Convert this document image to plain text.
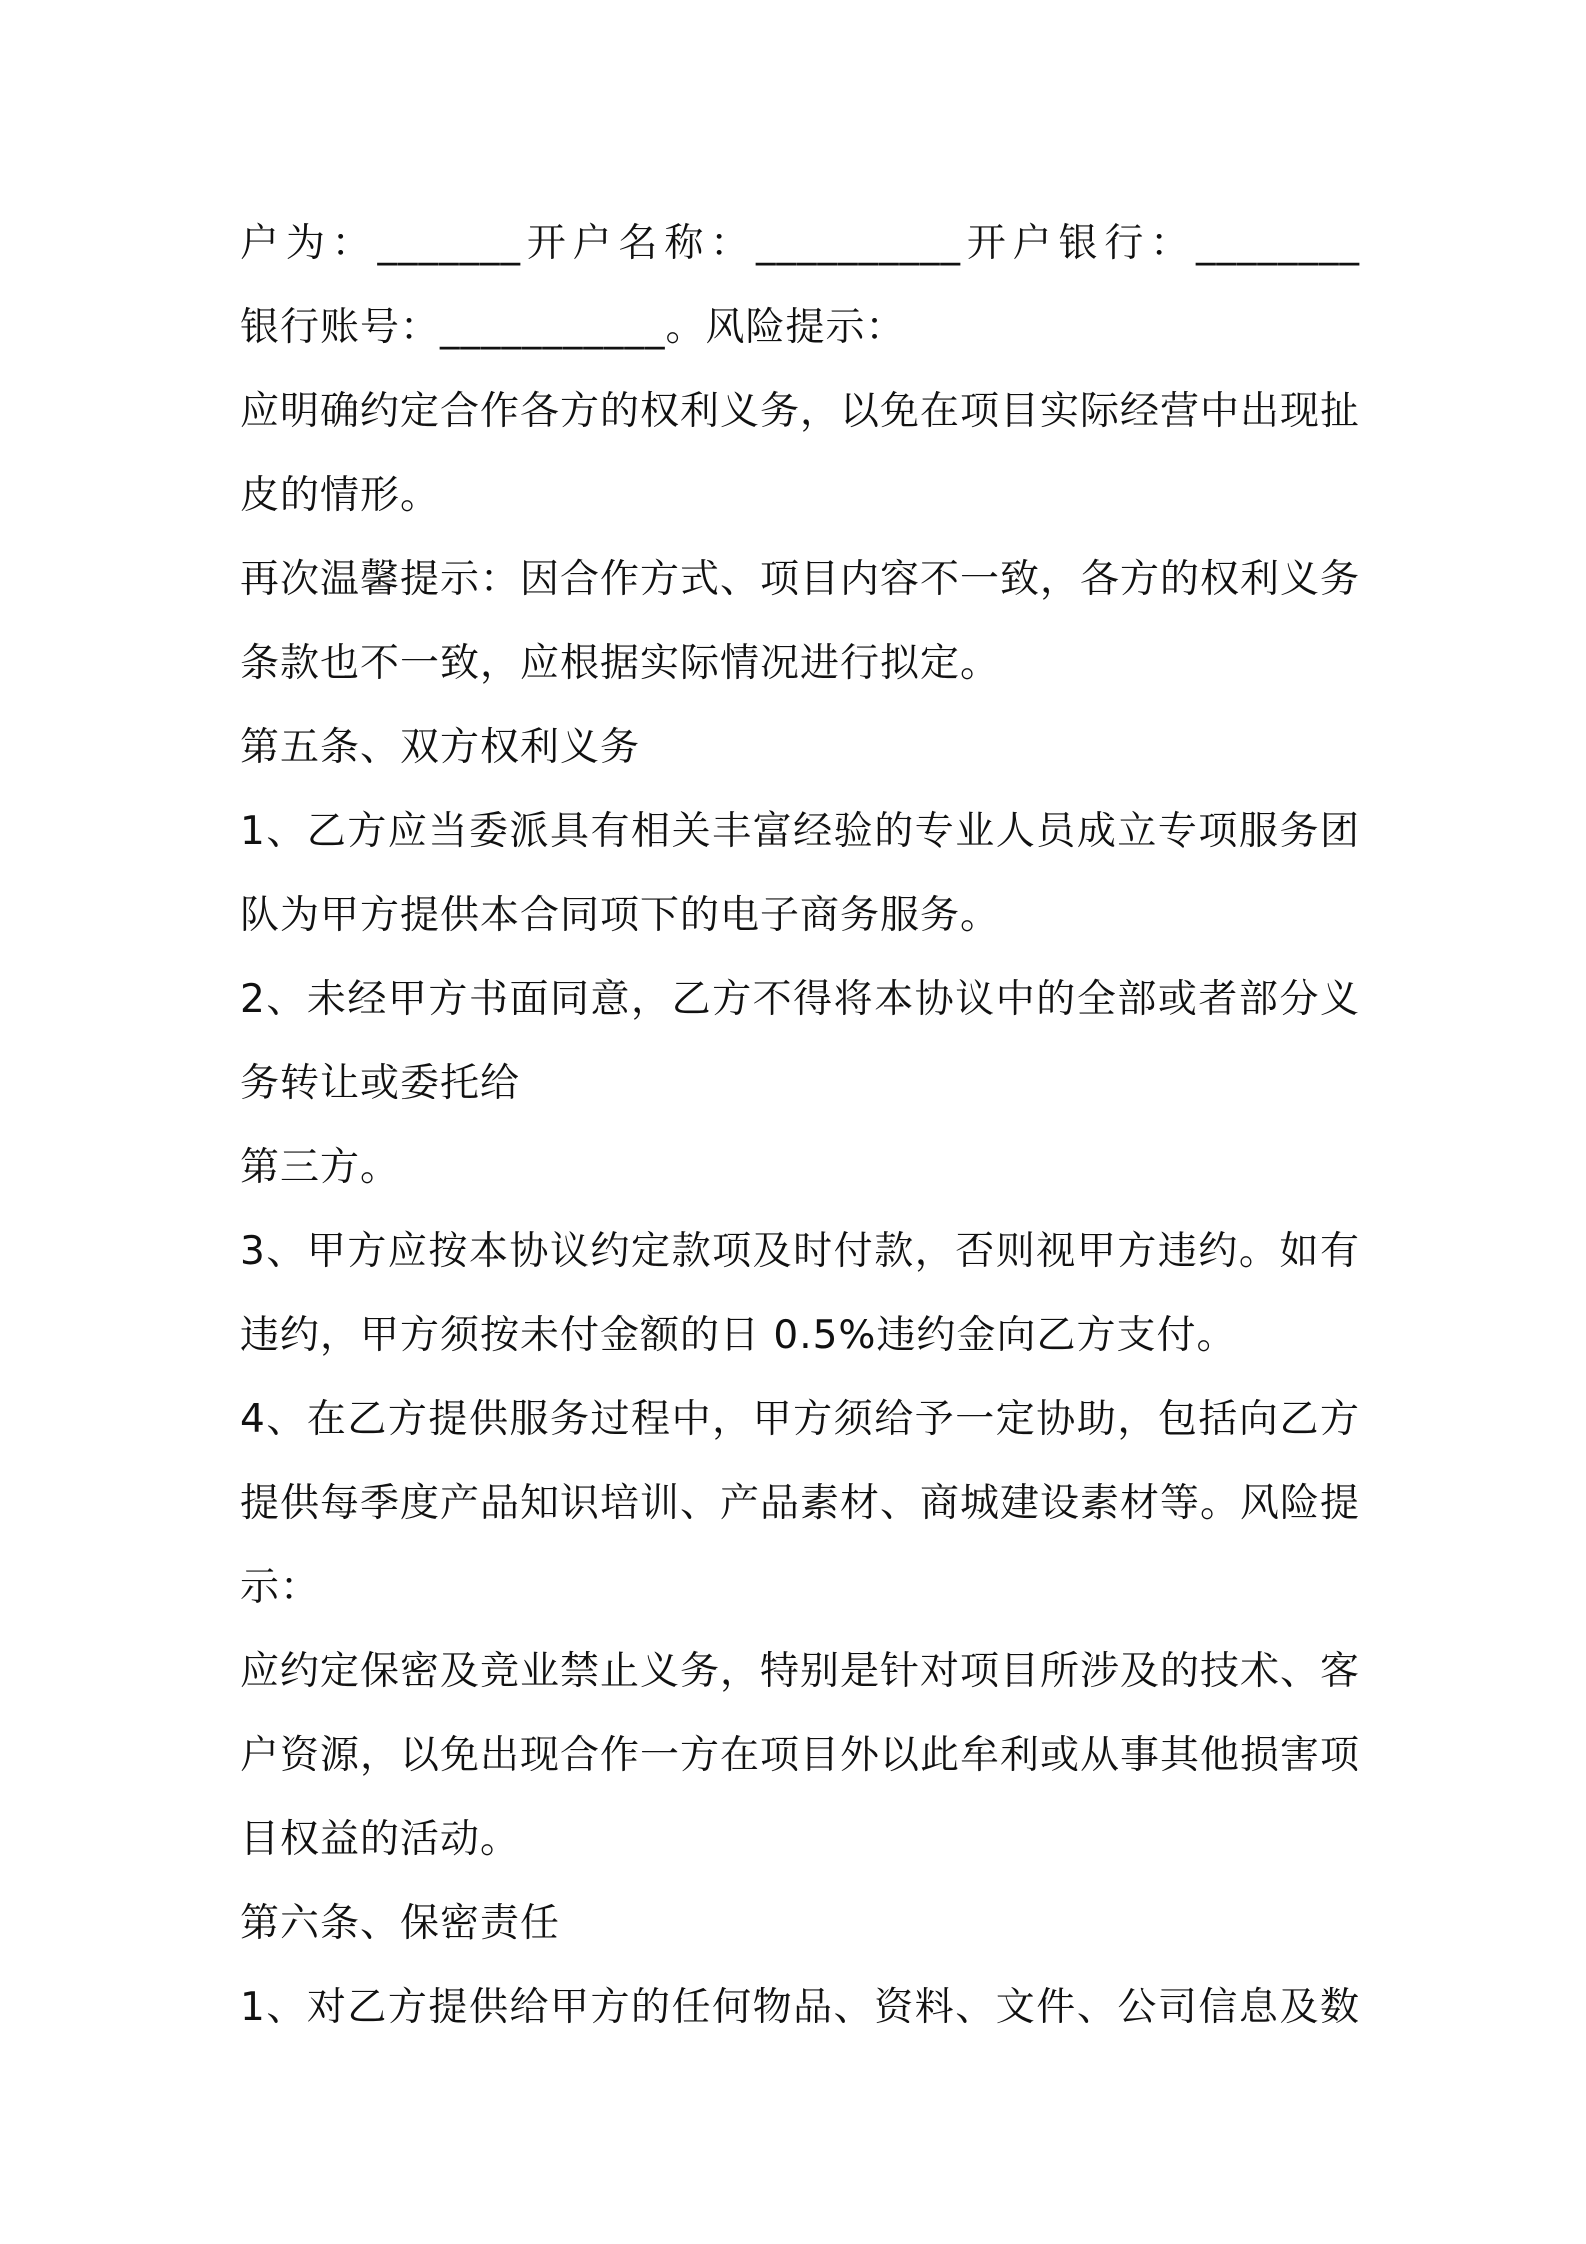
户为：_______开户名称：__________开户银行：________
银行账号：___________。风险提示：
应明确约定合作各方的权利义务，以免在项目实际经营中出现扯
皮的情形。
再次温馨提示：因合作方式、项目内容不一致，各方的权利义务
条款也不一致，应根据实际情况进行拟定。
第五条、双方权利义务
1、乙方应当委派具有相关丰富经验的专业人员成立专项服务团
队为甲方提供本合同项下的电子商务服务。
2、未经甲方书面同意，乙方不得将本协议中的全部或者部分义
务转让或委托给
第三方。
3、甲方应按本协议约定款项及时付款，否则视甲方违约。如有
违约，甲方须按未付金额的日 0.5%违约金向乙方支付。
4、在乙方提供服务过程中，甲方须给予一定协助，包括向乙方
提供每季度产品知识培训、产品素材、商城建设素材等。风险提
示：
应约定保密及竞业禁止义务，特别是针对项目所涉及的技术、客
户资源，以免出现合作一方在项目外以此牟利或从事其他损害项
目权益的活动。
第六条、保密责任
1、对乙方提供给甲方的任何物品、资料、文件、公司信息及数
